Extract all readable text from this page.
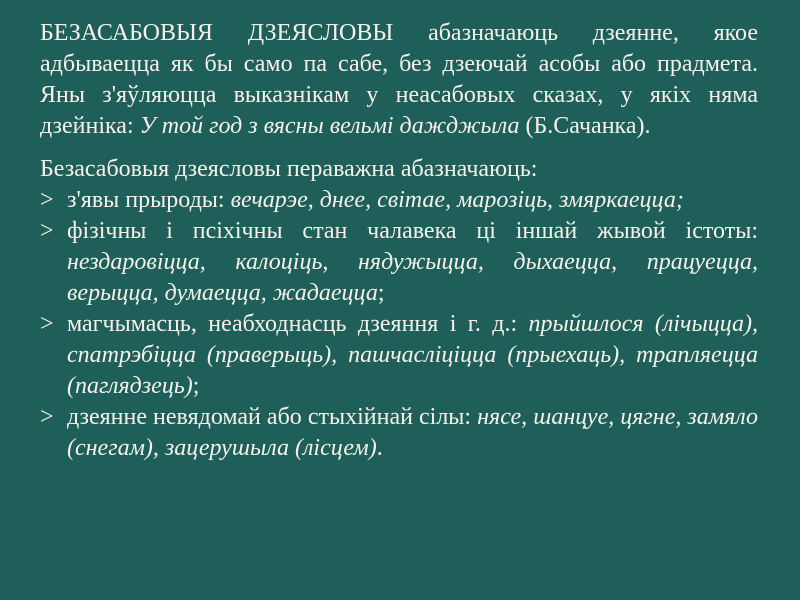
БЕЗАСАБОВЫЯ ДЗЕЯСЛОВЫ абазначаюць дзеянне, якое адбываецца як бы само па сабе, без дзеючай асобы або прадмета. Яны з'яўляюцца выказнікам у неасабовых сказах, у якіх няма дзейніка: У той год з вясны вельмі дажджыла (Б.Сачанка).

Безасабовыя дзеясловы пераважна абазначаюць:
> з'явы прыроды: вечарэе, днее, світае, марозіць, змяркаецца;
> фізічны і псіхічны стан чалавека ці іншай жывой істоты: нездаровіцца, калоціць, нядужыцца, дыхаецца, працуецца, верыцца, думаецца, жадаецца;
> магчымасць, неабходнасць дзеяння і г. д.: прыйшлося (лічыцца), спатрэбіцца (праверыць), пашчасліціцца (прыехаць), трапляецца (паглядзець);
> дзеянне невядомай або стыхійнай сілы: нясе, шанцуе, цягне, замяло (снегам), зацерушыла (лісцем).
